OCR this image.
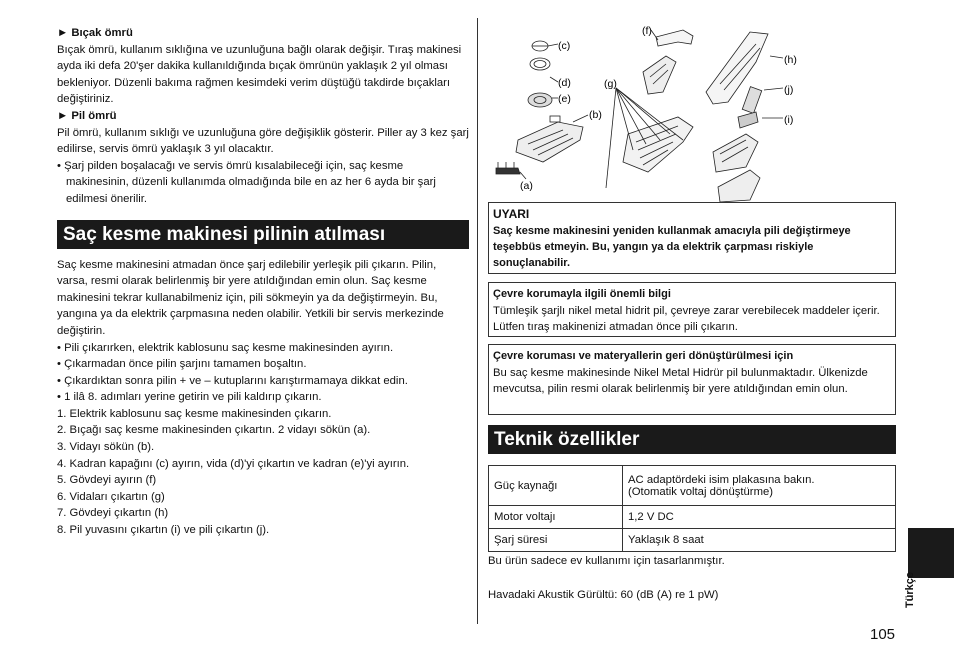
► Bıçak ömrü
Bıçak ömrü, kullanım sıklığına ve uzunluğuna bağlı olarak değişir. Tıraş makinesi ayda iki defa 20'şer dakika kullanıldığında bıçak ömrünün yaklaşık 2 yıl olması bekleniyor. Düzenli bakıma rağmen kesimdeki verim düştüğü takdirde bıçakları değiştiriniz.
► Pil ömrü
Pil ömrü, kullanım sıklığı ve uzunluğuna göre değişiklik gösterir. Piller ay 3 kez şarj edilirse, servis ömrü yaklaşık 3 yıl olacaktır.
• Şarj pilden boşalacağı ve servis ömrü kısalabileceği için, saç kesme makinesinin, düzenli kullanımda olmadığında bile en az her 6 ayda bir şarj edilmesi önerilir.
Saç kesme makinesi pilinin atılması
Saç kesme makinesini atmadan önce şarj edilebilir yerleşik pili çıkarın. Pilin, varsa, resmi olarak belirlenmiş bir yere atıldığından emin olun. Saç kesme makinesini tekrar kullanabilmeniz için, pili sökmeyin ya da değiştirmeyin. Bu, yangına ya da elektrik çarpmasına neden olabilir. Yetkili bir servis merkezinde değiştirin.
• Pili çıkarırken, elektrik kablosunu saç kesme makinesinden ayırın.
• Çıkarmadan önce pilin şarjını tamamen boşaltın.
• Çıkardıktan sonra pilin + ve – kutuplarını karıştırmamaya dikkat edin.
• 1 ilâ 8. adımları yerine getirin ve pili kaldırıp çıkarın.
1. Elektrik kablosunu saç kesme makinesinden çıkarın.
2. Bıçağı saç kesme makinesinden çıkartın. 2 vidayı sökün (a).
3. Vidayı sökün (b).
4. Kadran kapağını (c) ayırın, vida (d)'yi çıkartın ve kadran (e)'yi ayırın.
5. Gövdeyi ayırın (f)
6. Vidaları çıkartın (g)
7. Gövdeyi çıkartın (h)
8. Pil yuvasını çıkartın (i) ve pili çıkartın (j).
(c)
(d)
(e)
(b)
(a)
(f)
(g)
(h)
(j)
(i)
UYARI
Saç kesme makinesini yeniden kullanmak amacıyla pili değiştirmeye teşebbüs etmeyin. Bu, yangın ya da elektrik çarpması riskiyle sonuçlanabilir.
Çevre korumayla ilgili önemli bilgi
Tümleşik şarjlı nikel metal hidrit pil, çevreye zarar verebilecek maddeler içerir. Lütfen tıraş makinenizi atmadan önce pili çıkarın.
Çevre koruması ve materyallerin geri dönüştürülmesi için
Bu saç kesme makinesinde Nikel Metal Hidrür pil bulunmaktadır. Ülkenizde mevcutsa, pilin resmi olarak belirlenmiş bir yere atıldığından emin olun.
Teknik özellikler
Güç kaynağı	AC adaptördeki isim plakasına bakın.
(Otomatik voltaj dönüştürme)

Motor voltajı	1,2 V DC
Şarj süresi	Yaklaşık 8 saat
Bu ürün sadece ev kullanımı için tasarlanmıştır.
Havadaki Akustik Gürültü: 60 (dB (A) re 1 pW)	Türkçe
105
